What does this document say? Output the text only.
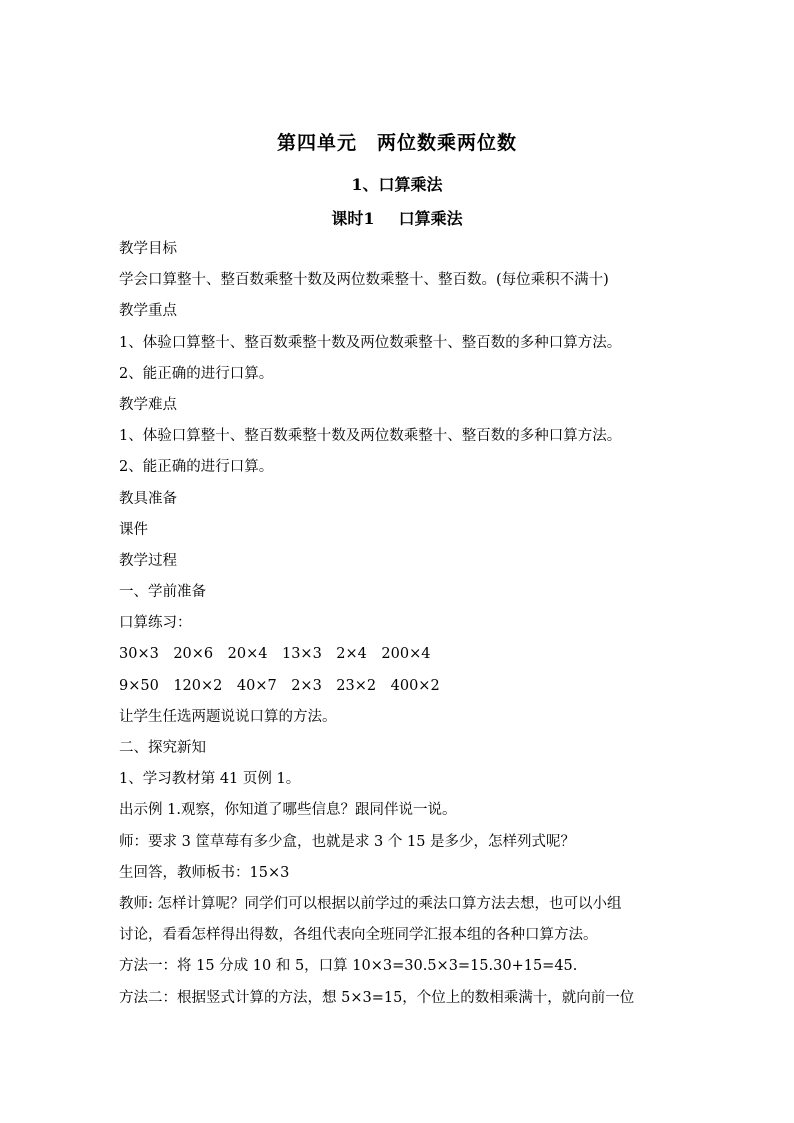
第四单元　两位数乘两位数
1、口算乘法
课时1 口算乘法
教学目标
学会口算整十、整百数乘整十数及两位数乘整十、整百数。(每位乘积不满十)
教学重点
1、体验口算整十、整百数乘整十数及两位数乘整十、整百数的多种口算方法。
2、能正确的进行口算。
教学难点
1、体验口算整十、整百数乘整十数及两位数乘整十、整百数的多种口算方法。
2、能正确的进行口算。
教具准备
课件
教学过程
一、学前准备
口算练习：
30×3　20×6　20×4　13×3　2×4　200×4
9×50　120×2　40×7　2×3　23×2　400×2
让学生任选两题说说口算的方法。
二、探究新知
1、学习教材第 41 页例 1。
出示例 1.观察，你知道了哪些信息？跟同伴说一说。
师：要求 3 筐草莓有多少盒，也就是求 3 个 15 是多少，怎样列式呢？
生回答，教师板书：15×3
教师: 怎样计算呢？同学们可以根据以前学过的乘法口算方法去想，也可以小组
讨论，看看怎样得出得数，各组代表向全班同学汇报本组的各种口算方法。
方法一：将 15 分成 10 和 5，口算 10×3=30.5×3=15.30+15=45.
方法二：根据竖式计算的方法，想 5×3=15，个位上的数相乘满十，就向前一位
